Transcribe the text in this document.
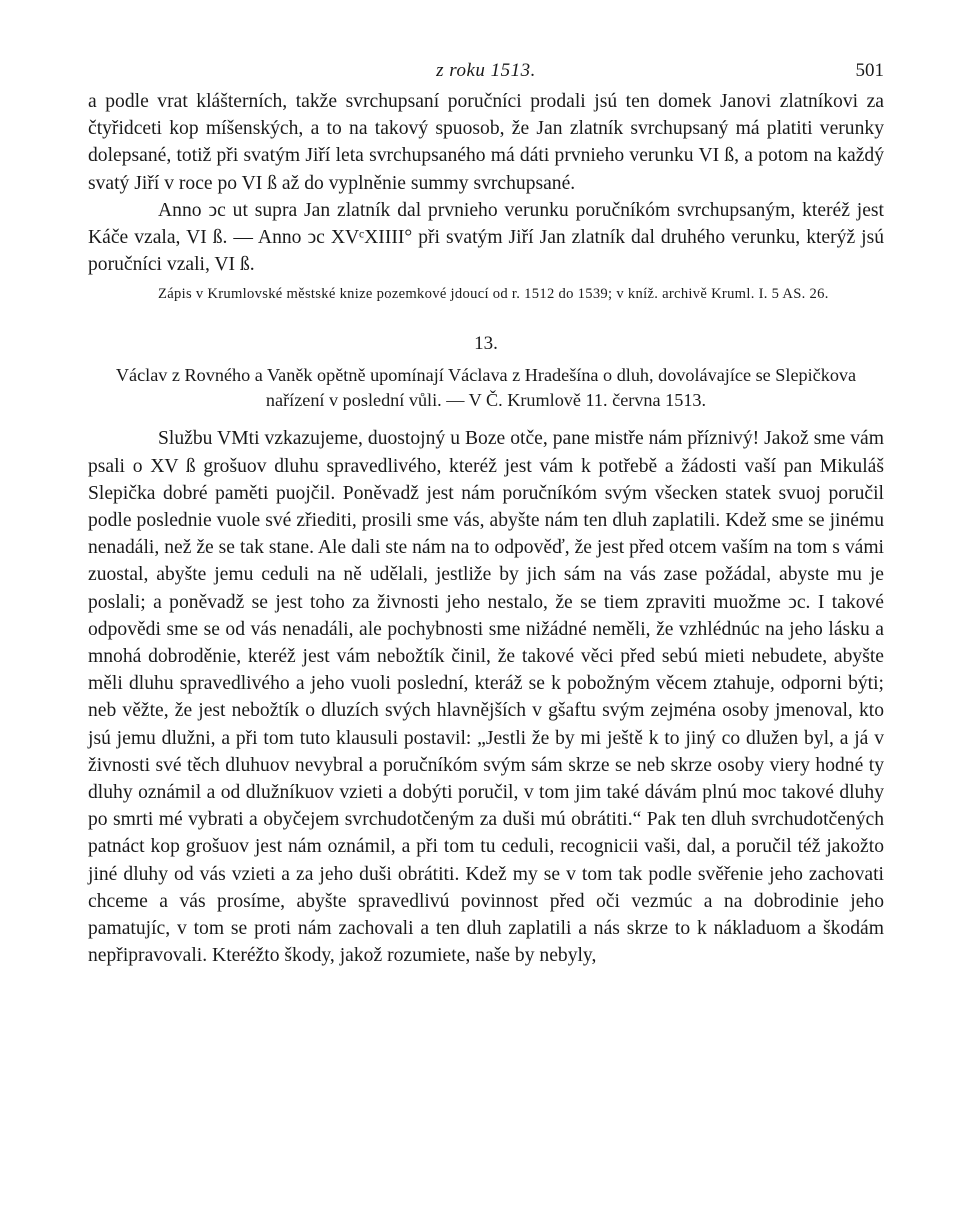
z roku 1513.	501

a podle vrat klášterních, takže svrchupsaní poručníci prodali jsú ten domek Janovi zlatníkovi za čtyřidceti kop míšenských, a to na takový spuosob, že Jan zlatník svrchupsaný má platiti verunky dolepsané, totiž při svatým Jiří leta svrchupsaného má dáti prvnieho verunku VI ß, a potom na každý svatý Jiří v roce po VI ß až do vyplněnie summy svrchupsané.

Anno ↄc ut supra Jan zlatník dal prvnieho verunku poručníkóm svrchupsaným, kteréž jest Káče vzala, VI ß. — Anno ↄc XVᶜXIIII° při svatým Jiří Jan zlatník dal druhého verunku, kterýž jsú poručníci vzali, VI ß.

Zápis v Krumlovské městské knize pozemkové jdoucí od r. 1512 do 1539; v kníž. archivě Kruml. I. 5 AS. 26.

13.

Václav z Rovného a Vaněk opětně upomínají Václava z Hradešína o dluh, dovolávajíce se Slepičkova nařízení v poslední vůli. — V Č. Krumlově 11. června 1513.

Službu VMti vzkazujeme, duostojný u Boze otče, pane mistře nám příznivý! Jakož sme vám psali o XV ß grošuov dluhu spravedlivého, kteréž jest vám k potřebě a žádosti vaší pan Mikuláš Slepička dobré paměti puojčil. Poněvadž jest nám poručníkóm svým všecken statek svuoj poručil podle poslednie vuole své zřiediti, prosili sme vás, abyšte nám ten dluh zaplatili. Kdež sme se jinému nenadáli, než že se tak stane. Ale dali ste nám na to odpověď, že jest před otcem vaším na tom s vámi zuostal, abyšte jemu ceduli na ně udělali, jestliže by jich sám na vás zase požádal, abyste mu je poslali; a poněvadž se jest toho za živnosti jeho nestalo, že se tiem zpraviti muožme ↄc. I takové odpovědi sme se od vás nenadáli, ale pochybnosti sme nižádné neměli, že vzhlédnúc na jeho lásku a mnohá dobroděnie, kteréž jest vám nebožtík činil, že takové věci před sebú mieti nebudete, abyšte měli dluhu spravedlivého a jeho vuoli poslední, kteráž se k pobožným věcem ztahuje, odporni býti; neb věžte, že jest nebožtík o dluzích svých hlavnějších v gšaftu svým zejména osoby jmenoval, kto jsú jemu dlužni, a při tom tuto klausuli postavil: „Jestli že by mi ještě k to jiný co dlužen byl, a já v živnosti své těch dluhuov nevybral a poručníkóm svým sám skrze se neb skrze osoby viery hodné ty dluhy oznámil a od dlužníkuov vzieti a dobýti poručil, v tom jim také dávám plnú moc takové dluhy po smrti mé vybrati a obyčejem svrchudotčeným za duši mú obrátiti.“ Pak ten dluh svrchudotčených patnáct kop grošuov jest nám oznámil, a při tom tu ceduli, recognicii vaši, dal, a poručil též jakožto jiné dluhy od vás vzieti a za jeho duši obrátiti. Kdež my se v tom tak podle svěřenie jeho zachovati chceme a vás prosíme, abyšte spravedlivú povinnost před oči vezmúc a na dobrodinie jeho pamatujíc, v tom se proti nám zachovali a ten dluh zaplatili a nás skrze to k nákladuom a škodám nepřipravovali. Kteréžto škody, jakož rozumiete, naše by nebyly,
